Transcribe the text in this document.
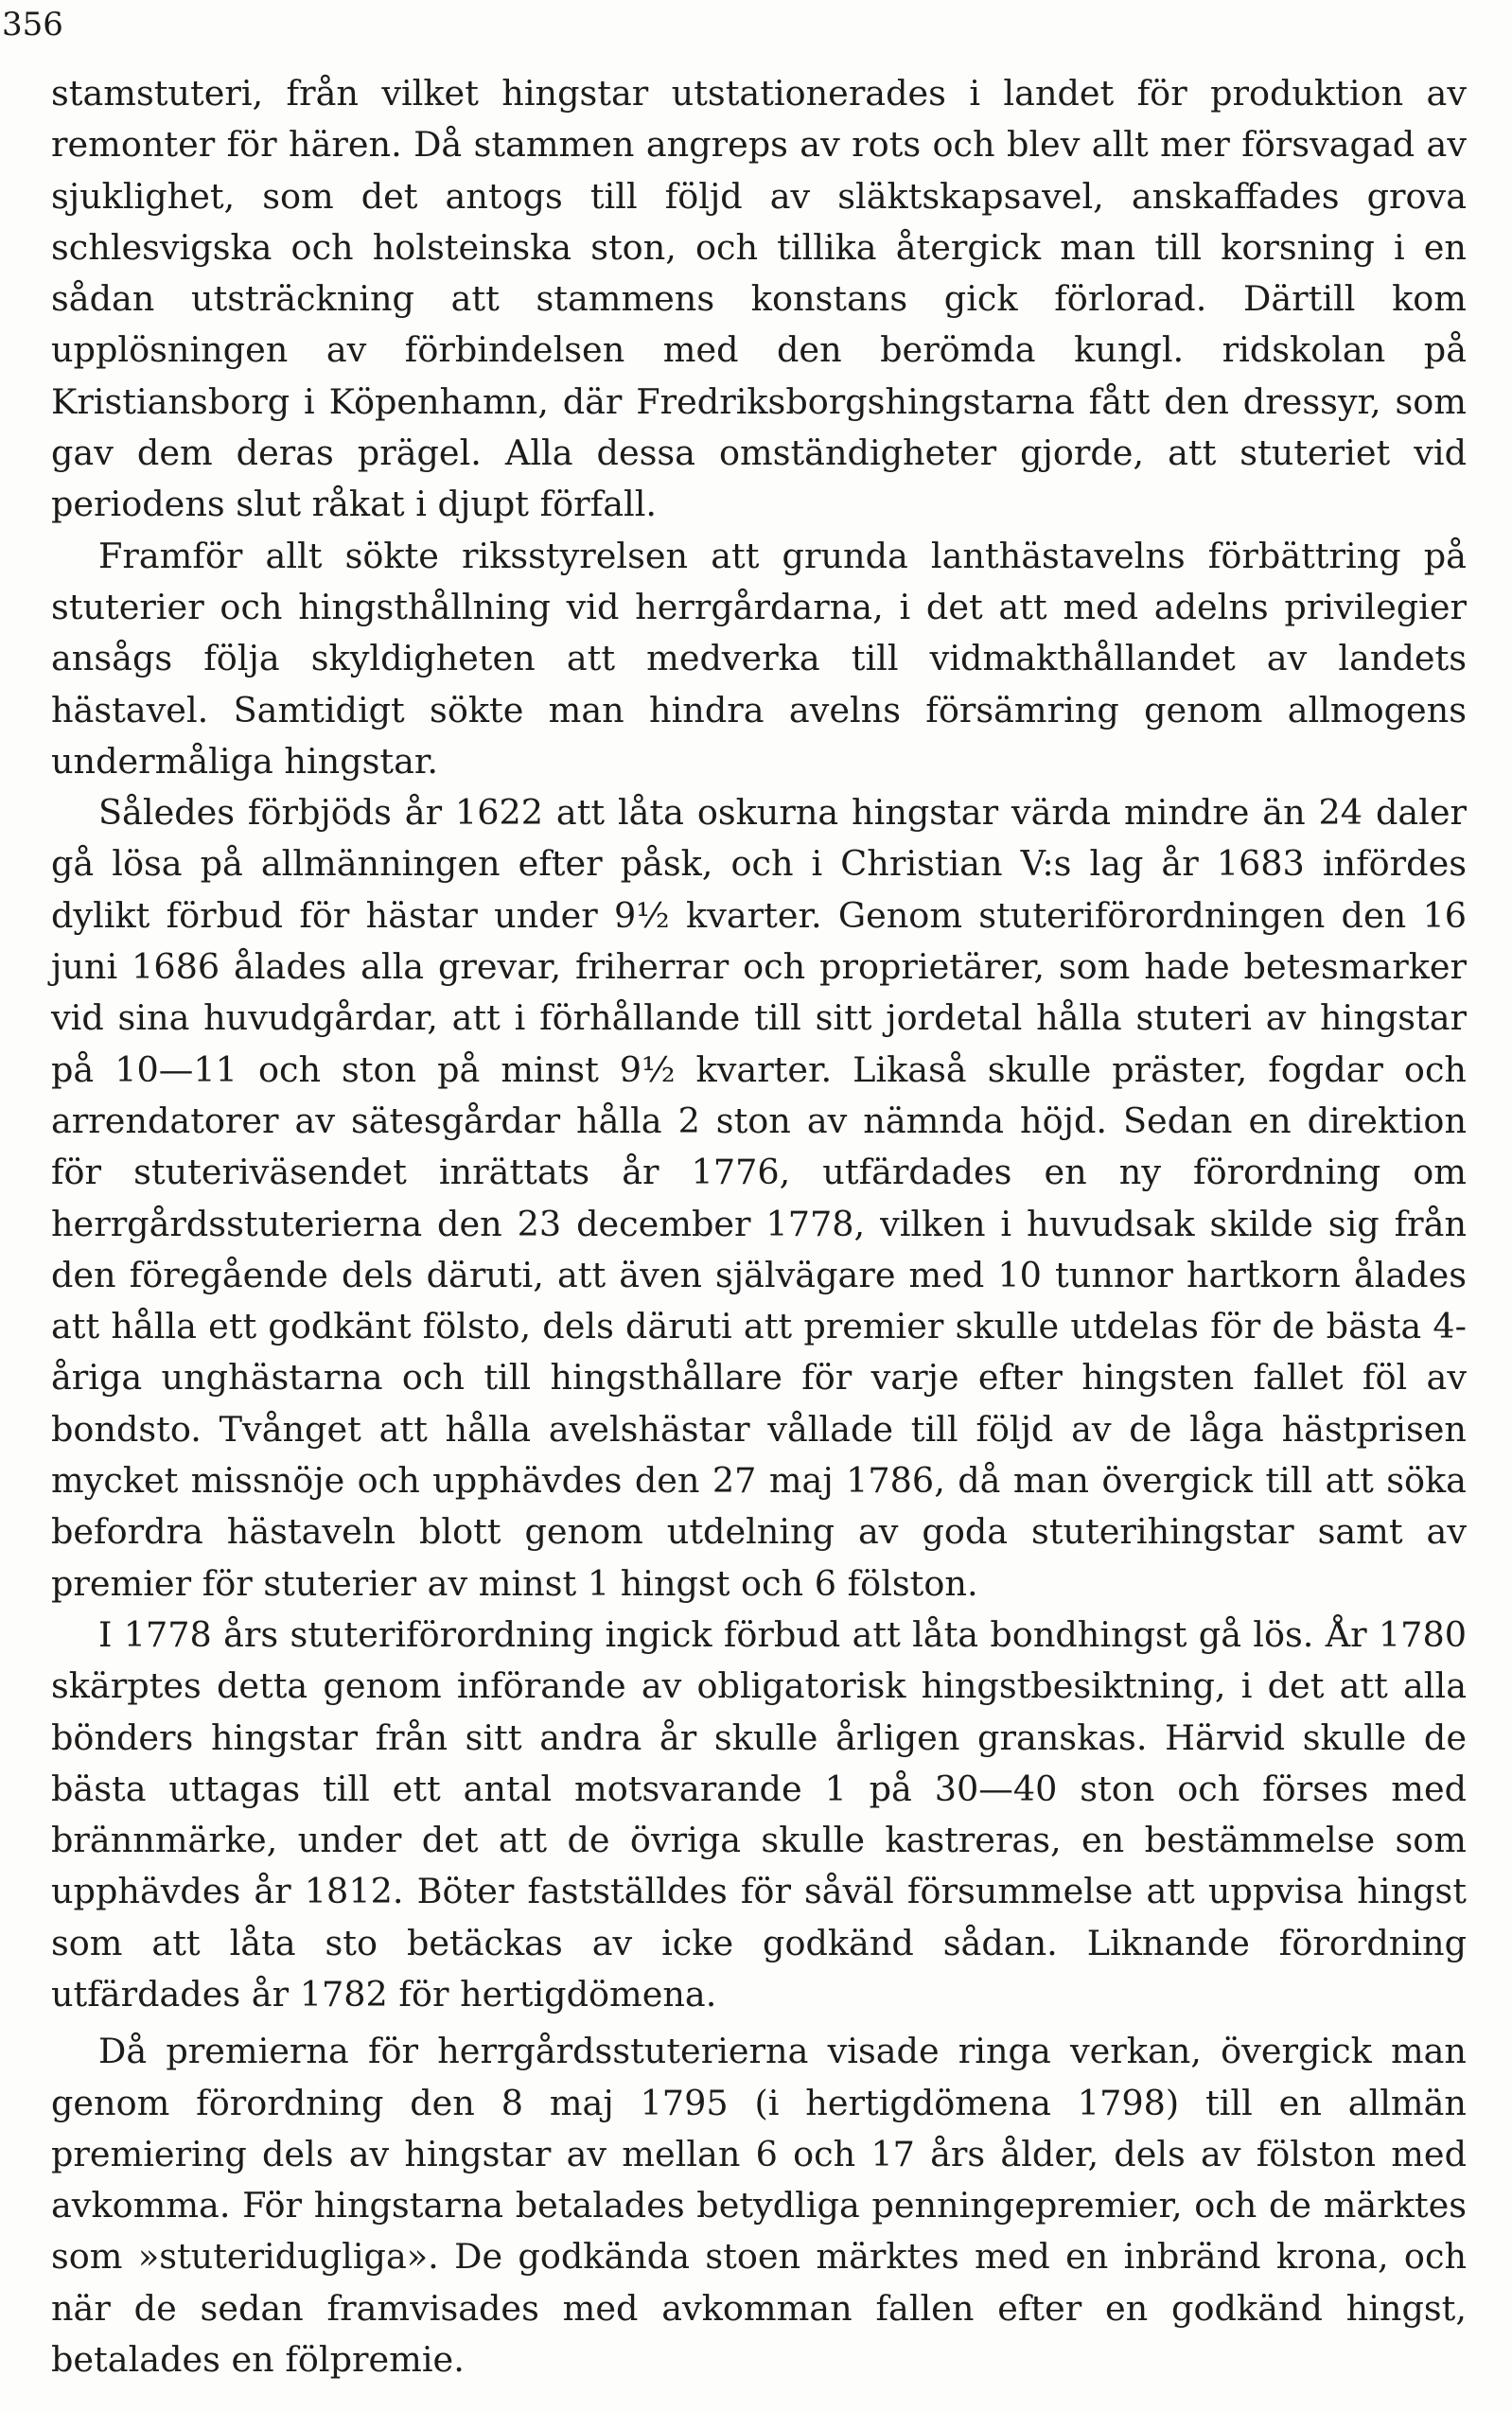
356

stamstuteri, från vilket hingstar utstationerades i landet för produktion av remonter för hären. Då stammen angreps av rots och blev allt mer försvagad av sjuklighet, som det antogs till följd av släktskapsavel, anskaffades grova schlesvigska och holsteinska ston, och tillika återgick man till korsning i en sådan utsträckning att stammens konstans gick förlorad. Därtill kom upplösningen av förbindelsen med den berömda kungl. ridskolan på Kristiansborg i Köpenhamn, där Fredriksborgshingstarna fått den dressyr, som gav dem deras prägel. Alla dessa omständigheter gjorde, att stuteriet vid periodens slut råkat i djupt förfall.

Framför allt sökte riksstyrelsen att grunda lanthästavelns förbättring på stuterier och hingsthållning vid herrgårdarna, i det att med adelns privilegier ansågs följa skyldigheten att medverka till vidmakthållandet av landets hästavel. Samtidigt sökte man hindra avelns försämring genom allmogens undermåliga hingstar.

Således förbjöds år 1622 att låta oskurna hingstar värda mindre än 24 daler gå lösa på allmänningen efter påsk, och i Christian V:s lag år 1683 infördes dylikt förbud för hästar under 9½ kvarter. Genom stuteriförordningen den 16 juni 1686 ålades alla grevar, friherrar och proprietärer, som hade betesmarker vid sina huvudgårdar, att i förhållande till sitt jordetal hålla stuteri av hingstar på 10—11 och ston på minst 9½ kvarter. Likaså skulle präster, fogdar och arrendatorer av sätesgårdar hålla 2 ston av nämnda höjd. Sedan en direktion för stuteriväsendet inrättats år 1776, utfärdades en ny förordning om herrgårdsstuterierna den 23 december 1778, vilken i huvudsak skilde sig från den föregående dels däruti, att även självägare med 10 tunnor hartkorn ålades att hålla ett godkänt fölsto, dels däruti att premier skulle utdelas för de bästa 4-åriga unghästarna och till hingsthållare för varje efter hingsten fallet föl av bondsto. Tvånget att hålla avelshästar vållade till följd av de låga hästprisen mycket missnöje och upphävdes den 27 maj 1786, då man övergick till att söka befordra hästaveln blott genom utdelning av goda stuterihingstar samt av premier för stuterier av minst 1 hingst och 6 fölston.

I 1778 års stuteriförordning ingick förbud att låta bondhingst gå lös. År 1780 skärptes detta genom införande av obligatorisk hingstbesiktning, i det att alla bönders hingstar från sitt andra år skulle årligen granskas. Härvid skulle de bästa uttagas till ett antal motsvarande 1 på 30—40 ston och förses med brännmärke, under det att de övriga skulle kastreras, en bestämmelse som upphävdes år 1812. Böter fastställdes för såväl försummelse att uppvisa hingst som att låta sto betäckas av icke godkänd sådan. Liknande förordning utfärdades år 1782 för hertigdömena.

Då premierna för herrgårdsstuterierna visade ringa verkan, övergick man genom förordning den 8 maj 1795 (i hertigdömena 1798) till en allmän premiering dels av hingstar av mellan 6 och 17 års ålder, dels av fölston med avkomma. För hingstarna betalades betydliga penningepremier, och de märktes som »stuteridugliga». De godkända stoen märktes med en inbränd krona, och när de sedan framvisades med avkomman fallen efter en godkänd hingst, betalades en fölpremie.
